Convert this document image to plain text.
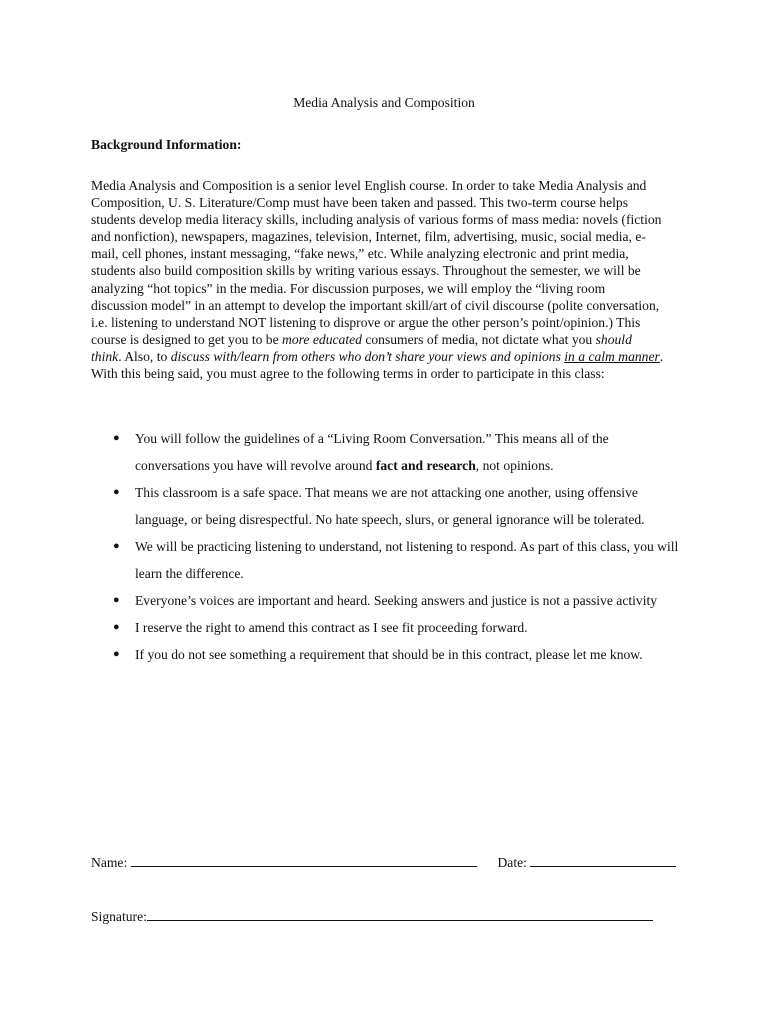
Media Analysis and Composition
Background Information:

Media Analysis and Composition is a senior level English course. In order to take Media Analysis and Composition, U. S. Literature/Comp must have been taken and passed. This two-term course helps students develop media literacy skills, including analysis of various forms of mass media: novels (fiction and nonfiction), newspapers, magazines, television, Internet, film, advertising, music, social media, e-mail, cell phones, instant messaging, “fake news,” etc. While analyzing electronic and print media, students also build composition skills by writing various essays. Throughout the semester, we will be analyzing “hot topics” in the media. For discussion purposes, we will employ the “living room discussion model” in an attempt to develop the important skill/art of civil discourse (polite conversation, i.e. listening to understand NOT listening to disprove or argue the other person’s point/opinion.) This course is designed to get you to be more educated consumers of media, not dictate what you should think. Also, to discuss with/learn from others who don’t share your views and opinions in a calm manner. With this being said, you must agree to the following terms in order to participate in this class:

● You will follow the guidelines of a “Living Room Conversation.” This means all of the conversations you have will revolve around fact and research, not opinions.
● This classroom is a safe space. That means we are not attacking one another, using offensive language, or being disrespectful. No hate speech, slurs, or general ignorance will be tolerated.
● We will be practicing listening to understand, not listening to respond. As part of this class, you will learn the difference.
● Everyone’s voices are important and heard. Seeking answers and justice is not a passive activity
● I reserve the right to amend this contract as I see fit proceeding forward.
● If you do not see something a requirement that should be in this contract, please let me know.
Name:	Date:
Signature:
